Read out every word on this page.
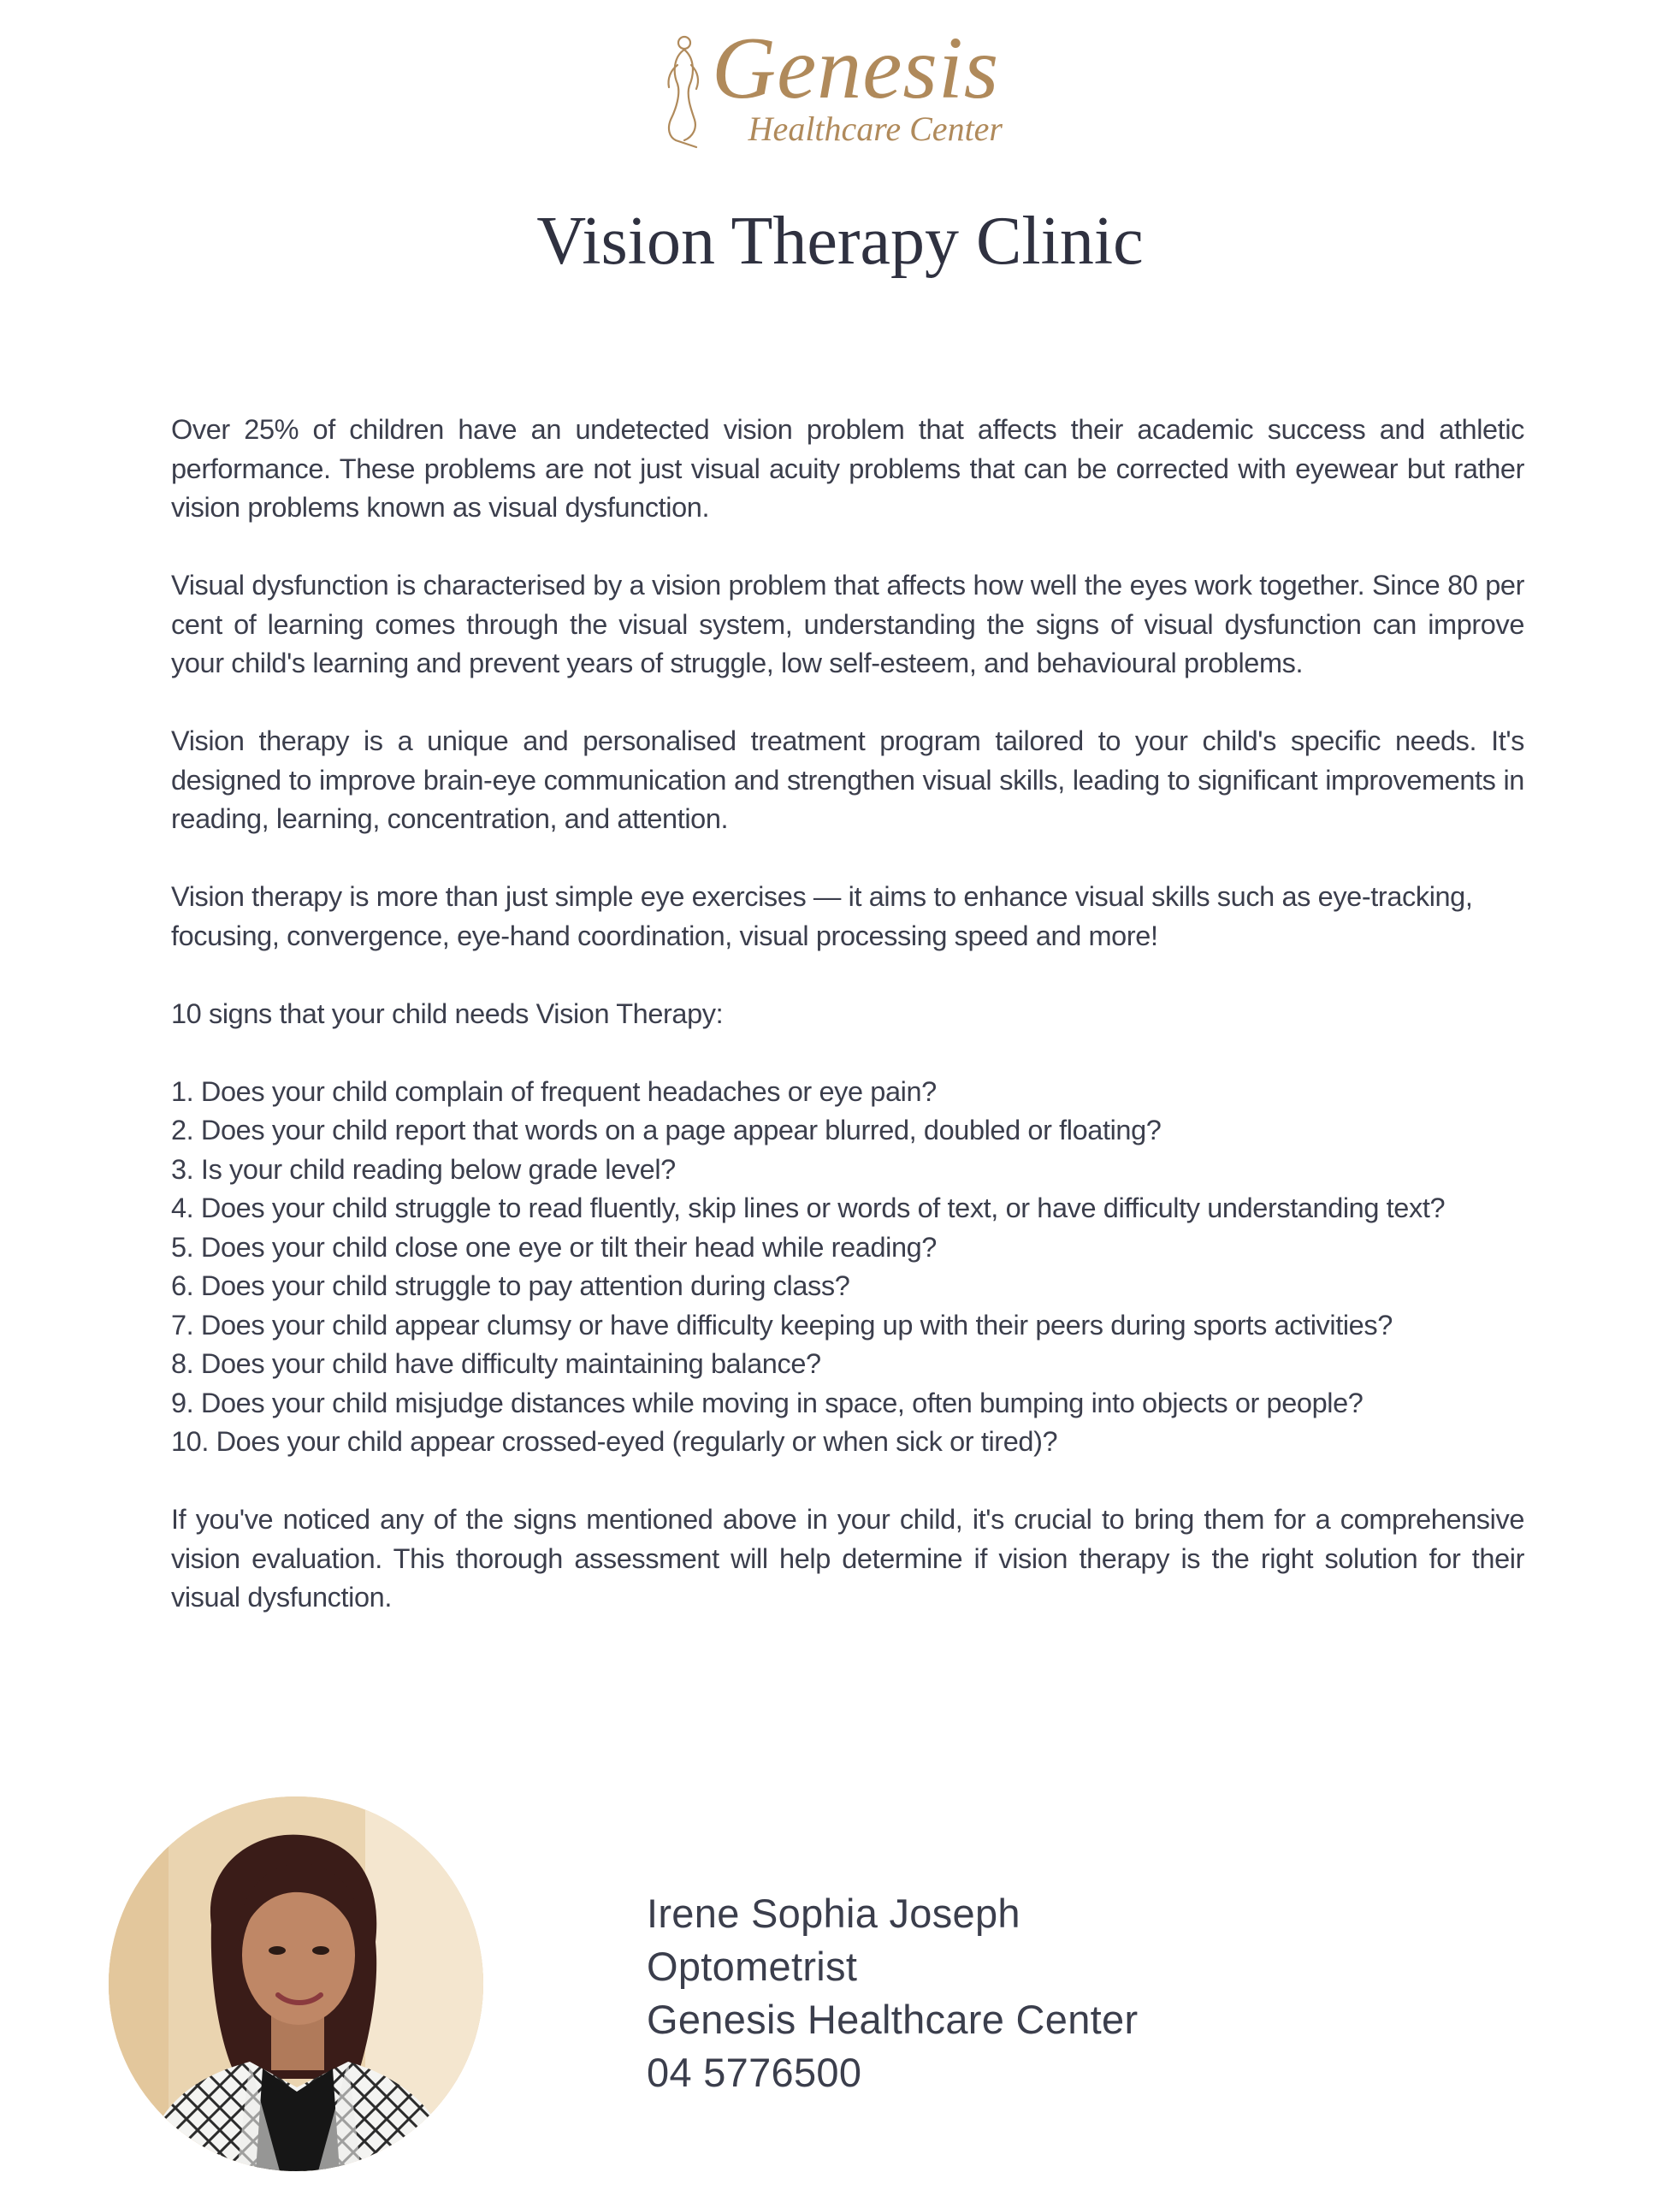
Genesis
Healthcare Center
Vision Therapy Clinic

Over 25% of children have an undetected vision problem that affects their academic success and athletic performance. These problems are not just visual acuity problems that can be corrected with eyewear but rather vision problems known as visual dysfunction.

Visual dysfunction is characterised by a vision problem that affects how well the eyes work together. Since 80 per cent of learning comes through the visual system, understanding the signs of visual dysfunction can improve your child's learning and prevent years of struggle, low self-esteem, and behavioural problems.

Vision therapy is a unique and personalised treatment program tailored to your child's specific needs. It's designed to improve brain-eye communication and strengthen visual skills, leading to significant improvements in reading, learning, concentration, and attention.

Vision therapy is more than just simple eye exercises — it aims to enhance visual skills such as eye-tracking, focusing, convergence, eye-hand coordination, visual processing speed and more!

10 signs that your child needs Vision Therapy:

1. Does your child complain of frequent headaches or eye pain?
2. Does your child report that words on a page appear blurred, doubled or floating?
3. Is your child reading below grade level?
4. Does your child struggle to read fluently, skip lines or words of text, or have difficulty understanding text?
5. Does your child close one eye or tilt their head while reading?
6. Does your child struggle to pay attention during class?
7. Does your child appear clumsy or have difficulty keeping up with their peers during sports activities?
8. Does your child have difficulty maintaining balance?
9. Does your child misjudge distances while moving in space, often bumping into objects or people?
10. Does your child appear crossed-eyed (regularly or when sick or tired)?

If you've noticed any of the signs mentioned above in your child, it's crucial to bring them for a comprehensive vision evaluation. This thorough assessment will help determine if vision therapy is the right solution for their visual dysfunction.

Irene Sophia Joseph
Optometrist
Genesis Healthcare Center
04 5776500
